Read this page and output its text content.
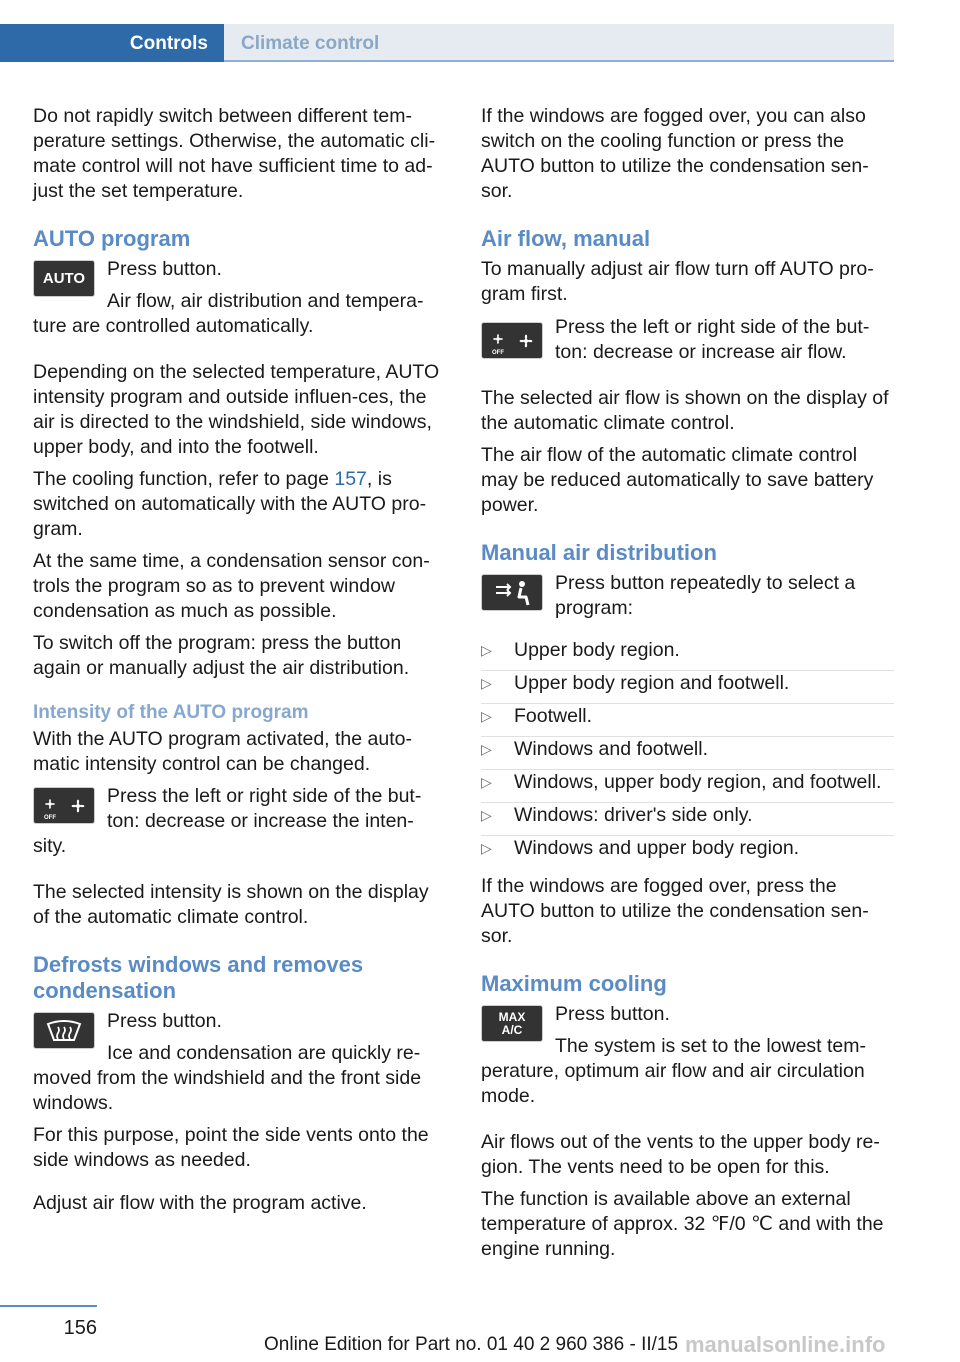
Controls	Climate control

Do not rapidly switch between different tem‐perature settings. Otherwise, the automatic cli‐mate control will not have sufficient time to ad‐just the set temperature.

AUTO program
AUTO	Press button.

Air flow, air distribution and tempera‐ture are controlled automatically.

Depending on the selected temperature, AUTO intensity program and outside influen‐ces, the air is directed to the windshield, side windows, upper body, and into the footwell.

The cooling function, refer to page 157, is switched on automatically with the AUTO pro‐gram.

At the same time, a condensation sensor con‐trols the program so as to prevent window condensation as much as possible.

To switch off the program: press the button again or manually adjust the air distribution.

Intensity of the AUTO program

With the AUTO program activated, the auto‐matic intensity control can be changed.

OFF

Press the left or right side of the but‐ton: decrease or increase the inten‐sity.

The selected intensity is shown on the display of the automatic climate control.

Defrosts windows and removes condensation

Press button.

Ice and condensation are quickly re‐moved from the windshield and the front side windows.

For this purpose, point the side vents onto the side windows as needed.

Adjust air flow with the program active.

If the windows are fogged over, you can also switch on the cooling function or press the AUTO button to utilize the condensation sen‐sor.

Air flow, manual

To manually adjust air flow turn off AUTO pro‐gram first.

OFF

Press the left or right side of the but‐ton: decrease or increase air flow.

The selected air flow is shown on the display of the automatic climate control.

The air flow of the automatic climate control may be reduced automatically to save battery power.

Manual air distribution

Press button repeatedly to select a program:

▷ Upper body region.
▷ Upper body region and footwell.
▷ Footwell.
▷ Windows and footwell.
▷ Windows, upper body region, and footwell.
▷ Windows: driver's side only.
▷ Windows and upper body region.

If the windows are fogged over, press the AUTO button to utilize the condensation sen‐sor.

Maximum cooling
MAX
A/C

Press button.

The system is set to the lowest tem‐perature, optimum air flow and air circulation mode.

Air flows out of the vents to the upper body re‐gion. The vents need to be open for this.

The function is available above an external temperature of approx. 32 ℉/0 ℃ and with the engine running.

156
Online Edition for Part no. 01 40 2 960 386 - II/15 manualsonline.info
